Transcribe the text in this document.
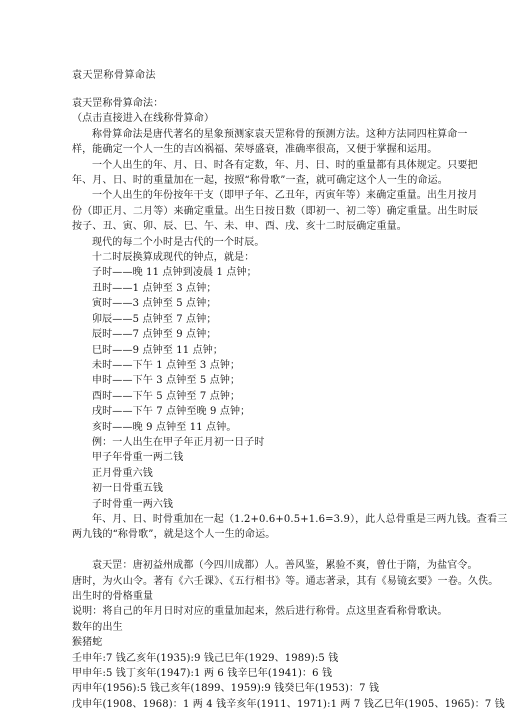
袁天罡称骨算命法
袁天罡称骨算命法：
（点击直接进入在线称骨算命）
称骨算命法是唐代著名的星象预测家袁天罡称骨的预测方法。这种方法同四柱算命一
样，能确定一个人一生的吉凶祸福、荣辱盛衰，准确率很高，又便于掌握和运用。
一个人出生的年、月、日、时各有定数，年、月、日、时的重量都有具体规定。只要把
年、月、日、时的重量加在一起，按照“称骨歌”一查，就可确定这个人一生的命运。
一个人出生的年份按年干支（即甲子年、乙丑年，丙寅年等）来确定重量。出生月按月
份（即正月、二月等）来确定重量。出生日按日数（即初一、初二等）确定重量。出生时辰
按子、丑、寅、卯、辰、巳、午、未、申、酉、戌、亥十二时辰确定重量。
现代的每二个小时是古代的一个时辰。
十二时辰换算成现代的钟点，就是：
子时——晚 11 点钟到凌晨 1 点钟；
丑时——1 点钟至 3 点钟；
寅时——3 点钟至 5 点钟；
卯辰——5 点钟至 7 点钟；
辰时——7 点钟至 9 点钟；
巳时——9 点钟至 11 点钟；
未时——下午 1 点钟至 3 点钟；
申时——下午 3 点钟至 5 点钟；
酉时——下午 5 点钟至 7 点钟；
戌时——下午 7 点钟至晚 9 点钟；
亥时——晚 9 点钟至 11 点钟。
例：一人出生在甲子年正月初一日子时
甲子年骨重一两二钱
正月骨重六钱
初一日骨重五钱
子时骨重一两六钱
年、月、日、时骨重加在一起（1.2+0.6+0.5+1.6=3.9），此人总骨重是三两九钱。查看三
两九钱的“称骨歌”，就是这个人一生的命运。
袁天罡：唐初益州成都（今四川成都）人。善风鉴，累验不爽，曾仕于隋，为盐官令。
唐时，为火山令。著有《六壬课》、《五行相书》等。通志著录，其有《易镜玄要》一卷。久佚。
出生时的骨格重量
说明：将自己的年月日时对应的重量加起来，然后进行称骨。点这里查看称骨歌诀。
数年的出生
猴猪蛇
壬申年:7 钱乙亥年(1935):9 钱己巳年(1929、1989):5 钱
甲申年:5 钱丁亥年(1947):1 两 6 钱辛巳年(1941)：6 钱
丙申年(1956):5 钱己亥年(1899、1959):9 钱癸巳年(1953)：7 钱
戊申年(1908、1968)：1 两 4 钱辛亥年(1911、1971):1 两 7 钱乙巳年(1905、1965)：7 钱
